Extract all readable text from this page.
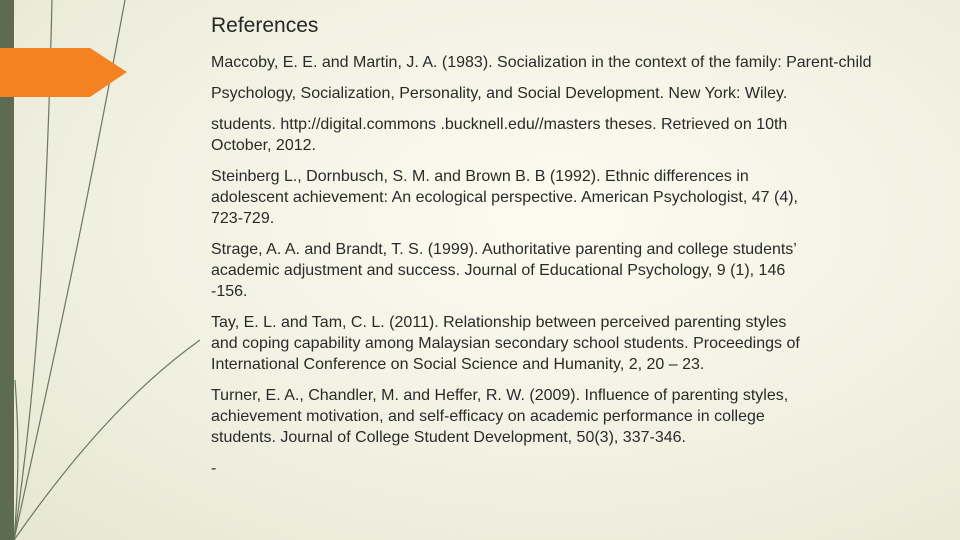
References

Maccoby, E. E. and Martin, J. A. (1983). Socialization in the context of the family: Parent-child

Psychology, Socialization, Personality, and Social Development. New York: Wiley.

students. http://digital.commons .bucknell.edu//masters theses. Retrieved on 10th
October, 2012.

Steinberg L., Dornbusch, S. M. and Brown B. B (1992). Ethnic differences in
adolescent achievement: An ecological perspective. American Psychologist, 47 (4),
723-729.

Strage, A. A. and Brandt, T. S. (1999). Authoritative parenting and college students’
academic adjustment and success. Journal of Educational Psychology, 9 (1), 146
-156.

Tay, E. L. and Tam, C. L. (2011). Relationship between perceived parenting styles
and coping capability among Malaysian secondary school students. Proceedings of
International Conference on Social Science and Humanity, 2, 20 – 23.

Turner, E. A., Chandler, M. and Heffer, R. W. (2009). Influence of parenting styles,
achievement motivation, and self-efficacy on academic performance in college
students. Journal of College Student Development, 50(3), 337-346.

-
